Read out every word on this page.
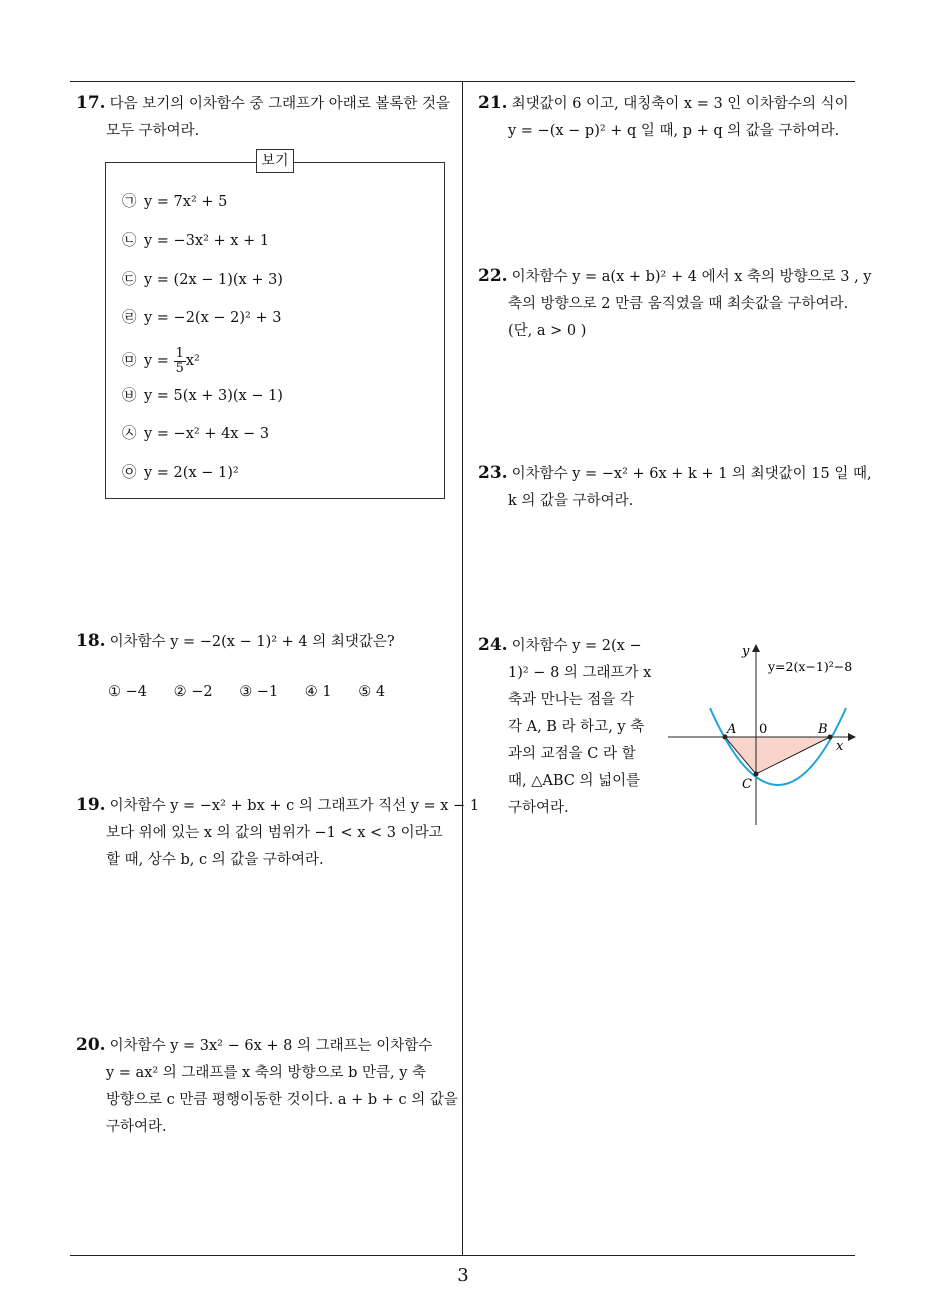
17. 다음 보기의 이차함수 중 그래프가 아래로 볼록한 것을
모두 구하여라.
보기
㉠ y = 7x² + 5
㉡ y = −3x² + x + 1
㉢ y = (2x − 1)(x + 3)
㉣ y = −2(x − 2)² + 3
㉤ $y = \frac{1}{5} x^2$
㉥ y = 5(x + 3)(x − 1)
㉦ y = −x² + 4x − 3
㉧ y = 2(x − 1)²
18. 이차함수 y = −2(x − 1)² + 4 의 최댓값은?
① −4 ② −2 ③ −1 ④ 1 ⑤ 4
19. 이차함수 y = −x² + bx + c 의 그래프가 직선 y = x − 1
보다 위에 있는 x 의 값의 범위가 −1 < x < 3 이라고
할 때, 상수 b, c 의 값을 구하여라.
20. 이차함수 y = 3x² − 6x + 8 의 그래프는 이차함수
y = ax² 의 그래프를 x 축의 방향으로 b 만큼, y 축
방향으로 c 만큼 평행이동한 것이다. a + b + c 의 값을
구하여라.
21. 최댓값이 6 이고, 대칭축이 x = 3 인 이차함수의 식이
y = −(x − p)² + q 일 때, p + q 의 값을 구하여라.
22. 이차함수 y = a(x + b)² + 4 에서 x 축의 방향으로 3 , y
축의 방향으로 2 만큼 움직였을 때 최솟값을 구하여라.
(단, a > 0 )
23. 이차함수 y = −x² + 6x + k + 1 의 최댓값이 15 일 때,
k 의 값을 구하여라.
24. 이차함수 y = 2(x −
1)² − 8 의 그래프가 x
축과 만나는 점을 각
각 A, B 라 하고, y 축
과의 교점을 C 라 할
때, △ABC 의 넓이를
구하여라.
y
x
0
A	B
C
y=2(x−1)²−8
3
